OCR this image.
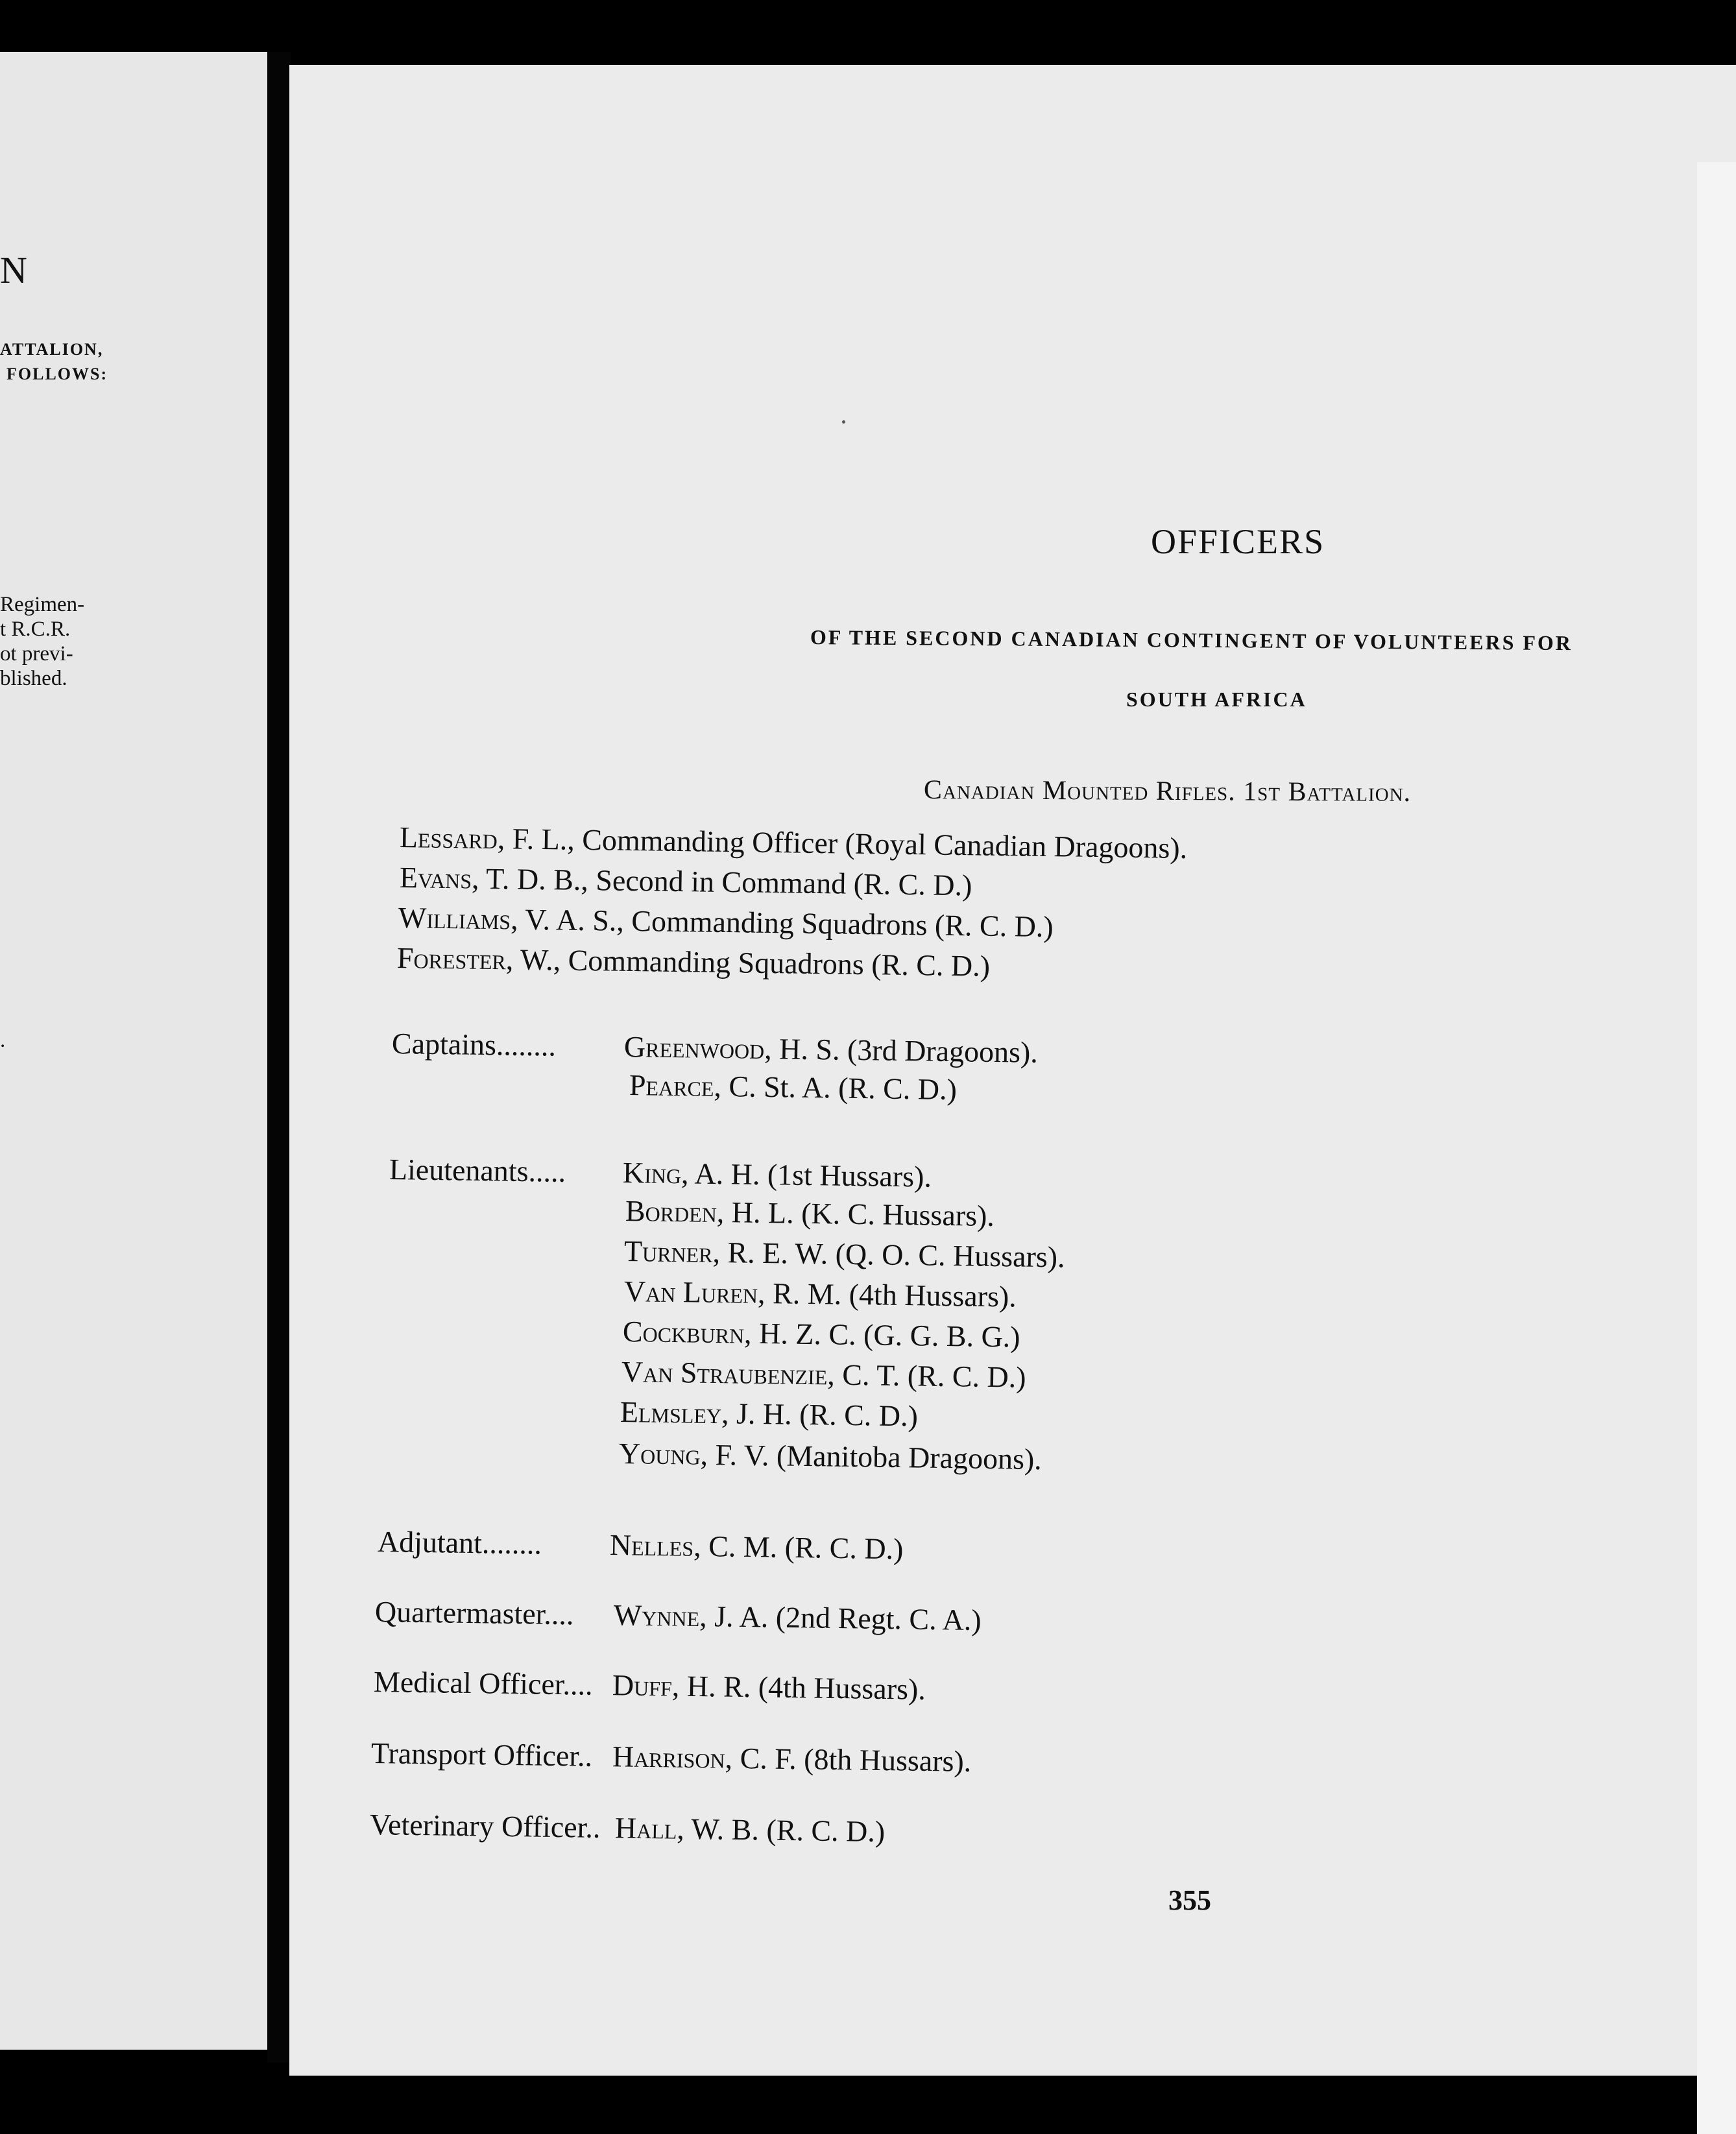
N
ATTALION,
FOLLOWS:
Regimen-
t R.C.R.
ot previ-
blished.
.
OFFICERS
OF THE SECOND CANADIAN CONTINGENT OF VOLUNTEERS FOR
SOUTH AFRICA
Canadian Mounted Rifles. 1st Battalion.
Lessard, F. L., Commanding Officer (Royal Canadian Dragoons).
Evans, T. D. B., Second in Command (R. C. D.)
Williams, V. A. S., Commanding Squadrons (R. C. D.)
Forester, W., Commanding Squadrons (R. C. D.)
Captains........ Greenwood, H. S. (3rd Dragoons).
Pearce, C. St. A. (R. C. D.)
Lieutenants..... King, A. H. (1st Hussars).
Borden, H. L. (K. C. Hussars).
Turner, R. E. W. (Q. O. C. Hussars).
Van Luren, R. M. (4th Hussars).
Cockburn, H. Z. C. (G. G. B. G.)
Van Straubenzie, C. T. (R. C. D.)
Elmsley, J. H. (R. C. D.)
Young, F. V. (Manitoba Dragoons).
Adjutant........ Nelles, C. M. (R. C. D.)
Quartermaster.... Wynne, J. A. (2nd Regt. C. A.)
Medical Officer.... Duff, H. R. (4th Hussars).
Transport Officer.. Harrison, C. F. (8th Hussars).
Veterinary Officer.. Hall, W. B. (R. C. D.)
355
